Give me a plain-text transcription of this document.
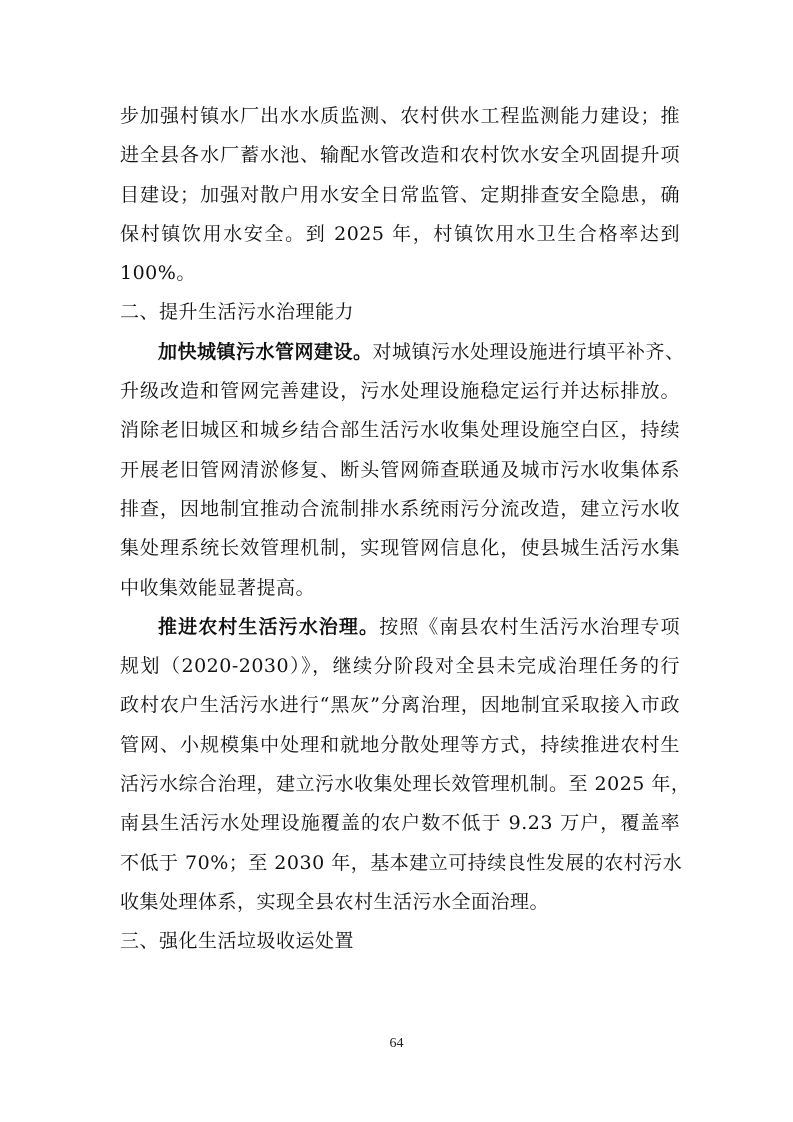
步加强村镇水厂出水水质监测、农村供水工程监测能力建设；推
进全县各水厂蓄水池、输配水管改造和农村饮水安全巩固提升项
目建设；加强对散户用水安全日常监管、定期排查安全隐患，确
保村镇饮用水安全。到 2025 年，村镇饮用水卫生合格率达到
100%。
二、提升生活污水治理能力
加快城镇污水管网建设。对城镇污水处理设施进行填平补齐、
升级改造和管网完善建设，污水处理设施稳定运行并达标排放。
消除老旧城区和城乡结合部生活污水收集处理设施空白区，持续
开展老旧管网清淤修复、断头管网筛查联通及城市污水收集体系
排查，因地制宜推动合流制排水系统雨污分流改造，建立污水收
集处理系统长效管理机制，实现管网信息化，使县城生活污水集
中收集效能显著提高。
推进农村生活污水治理。按照《南县农村生活污水治理专项
规划（2020-2030）》，继续分阶段对全县未完成治理任务的行
政村农户生活污水进行“黑灰”分离治理，因地制宜采取接入市政
管网、小规模集中处理和就地分散处理等方式，持续推进农村生
活污水综合治理，建立污水收集处理长效管理机制。至 2025 年，
南县生活污水处理设施覆盖的农户数不低于 9.23 万户，覆盖率
不低于 70%；至 2030 年，基本建立可持续良性发展的农村污水
收集处理体系，实现全县农村生活污水全面治理。
三、强化生活垃圾收运处置
64
